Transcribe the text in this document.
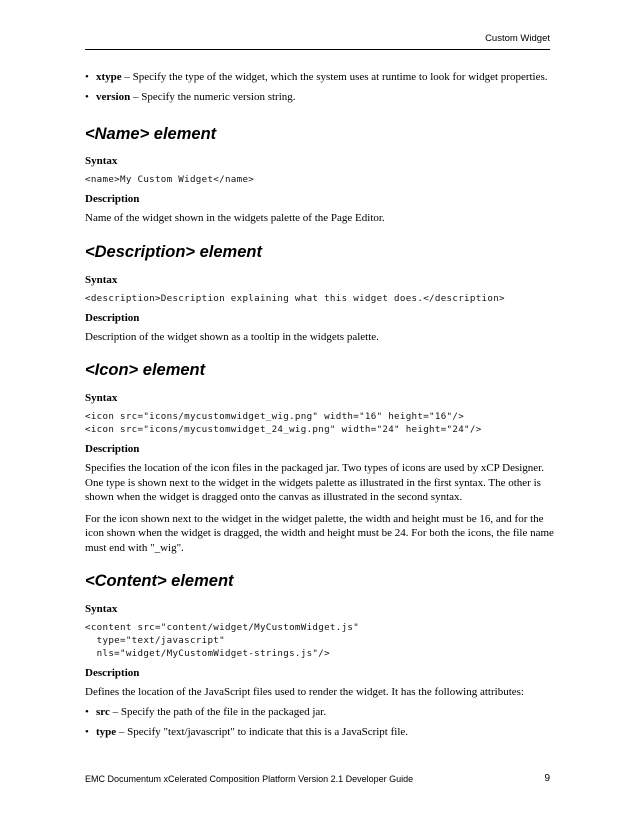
Custom Widget
• xtype – Specify the type of the widget, which the system uses at runtime to look for widget properties.
• version – Specify the numeric version string.
<Name> element
Syntax
<name>My Custom Widget</name>
Description
Name of the widget shown in the widgets palette of the Page Editor.
<Description> element
Syntax
<description>Description explaining what this widget does.</description>
Description
Description of the widget shown as a tooltip in the widgets palette.
<Icon> element
Syntax
<icon src="icons/mycustomwidget_wig.png" width="16" height="16"/>
<icon src="icons/mycustomwidget_24_wig.png" width="24" height="24"/>
Description
Specifies the location of the icon files in the packaged jar. Two types of icons are used by xCP Designer. One type is shown next to the widget in the widgets palette as illustrated in the first syntax. The other is shown when the widget is dragged onto the canvas as illustrated in the second syntax.
For the icon shown next to the widget in the widget palette, the width and height must be 16, and for the icon shown when the widget is dragged, the width and height must be 24. For both the icons, the file name must end with "_wig".
<Content> element
Syntax
<content src="content/widget/MyCustomWidget.js"
type="text/javascript"
nls="widget/MyCustomWidget-strings.js"/>
Description
Defines the location of the JavaScript files used to render the widget. It has the following attributes:
• src – Specify the path of the file in the packaged jar.
• type – Specify "text/javascript" to indicate that this is a JavaScript file.
EMC Documentum xCelerated Composition Platform Version 2.1 Developer Guide	9
